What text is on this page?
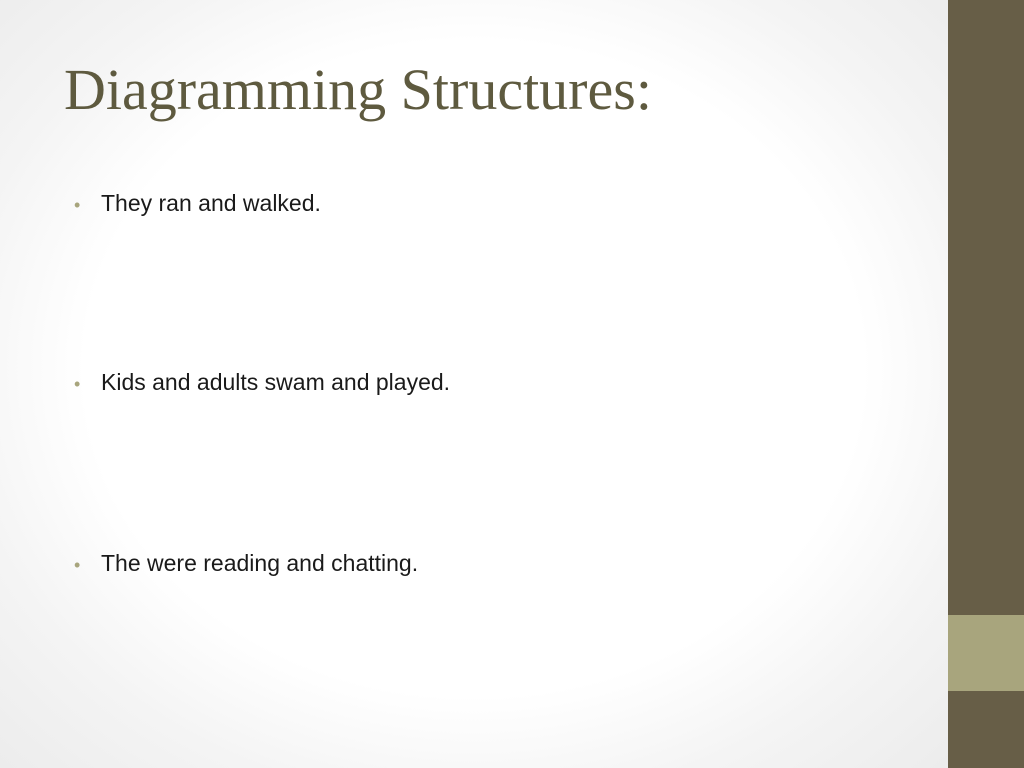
Diagramming Structures:
• They ran and walked.
• Kids and adults swam and played.
• The were reading and chatting.
